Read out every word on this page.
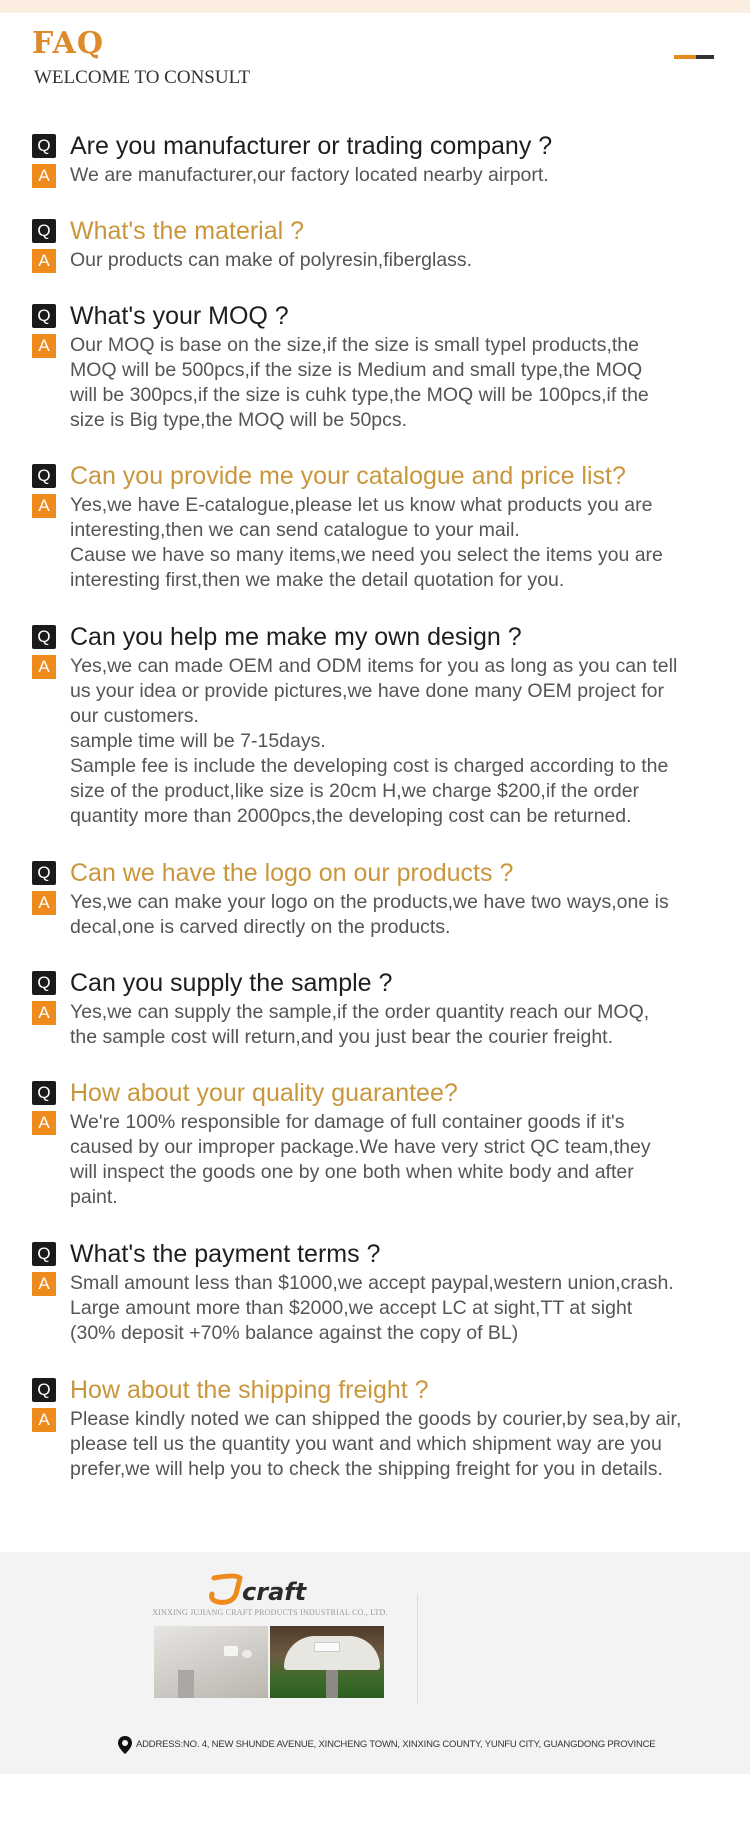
FAQ
WELCOME TO CONSULT
Q Are you manufacturer or trading company ?
A	We are manufacturer,our factory located nearby airport.
Q What's the material ?
A	Our products can make of polyresin,fiberglass.
Q What's your MOQ ?
A	Our MOQ is base on the size,if the size is small typel products,the
MOQ will be 500pcs,if the size is Medium and small type,the MOQ
will be 300pcs,if the size is cuhk type,the MOQ will be 100pcs,if the
size is Big type,the MOQ will be 50pcs.
Q Can you provide me your catalogue and price list?
A	Yes,we have E-catalogue,please let us know what products you are
interesting,then we can send catalogue to your mail.
Cause we have so many items,we need you select the items you are
interesting first,then we make the detail quotation for you.
Q Can you help me make my own design ?
A	Yes,we can made OEM and ODM items for you as long as you can tell
us your idea or provide pictures,we have done many OEM project for
our customers.
sample time will be 7-15days.
Sample fee is include the developing cost is charged according to the
size of the product,like size is 20cm H,we charge $200,if the order
quantity more than 2000pcs,the developing cost can be returned.
Q Can we have the logo on our products ?
A	Yes,we can make your logo on the products,we have two ways,one is
decal,one is carved directly on the products.
Q Can you supply the sample ?
A	Yes,we can supply the sample,if the order quantity reach our MOQ,
the sample cost will return,and you just bear the courier freight.
Q How about your quality guarantee?
A	We're 100% responsible for damage of full container goods if it's
caused by our improper package.We have very strict QC team,they
will inspect the goods one by one both when white body and after
paint.
Q What's the payment terms ?
A	Small amount less than $1000,we accept paypal,western union,crash.
Large amount more than $2000,we accept LC at sight,TT at sight
(30% deposit +70% balance against the copy of BL)
Q How about the shipping freight ?
A	Please kindly noted we can shipped the goods by courier,by sea,by air,
please tell us the quantity you want and which shipment way are you
prefer,we will help you to check the shipping freight for you in details.
craft
XINXING JUJIANG CRAFT PRODUCTS INDUSTRIAL CO., LTD.
ADDRESS:NO. 4, NEW SHUNDE AVENUE, XINCHENG TOWN, XINXING COUNTY, YUNFU CITY, GUANGDONG PROVINCE
